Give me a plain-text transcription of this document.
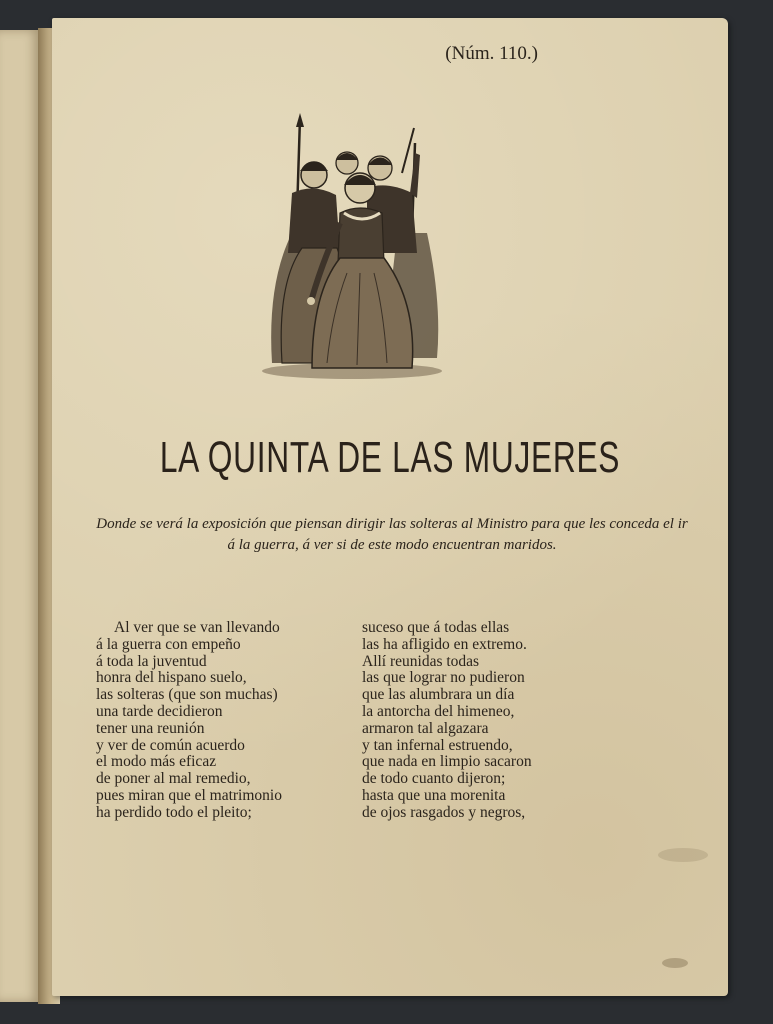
(Núm. 110.)
LA QUINTA DE LAS MUJERES
Donde se verá la exposición que piensan dirigir las solteras al Ministro para que les conceda el ir á la guerra, á ver si de este modo encuentran maridos.
Al ver que se van llevando
á la guerra con empeño
á toda la juventud
honra del hispano suelo,
las solteras (que son muchas)
una tarde decidieron
tener una reunión
y ver de común acuerdo
el modo más eficaz
de poner al mal remedio,
pues miran que el matrimonio
ha perdido todo el pleito;
suceso que á todas ellas
las ha afligido en extremo.
Allí reunidas todas
las que lograr no pudieron
que las alumbrara un día
la antorcha del himeneo,
armaron tal algazara
y tan infernal estruendo,
que nada en limpio sacaron
de todo cuanto dijeron;
hasta que una morenita
de ojos rasgados y negros,
